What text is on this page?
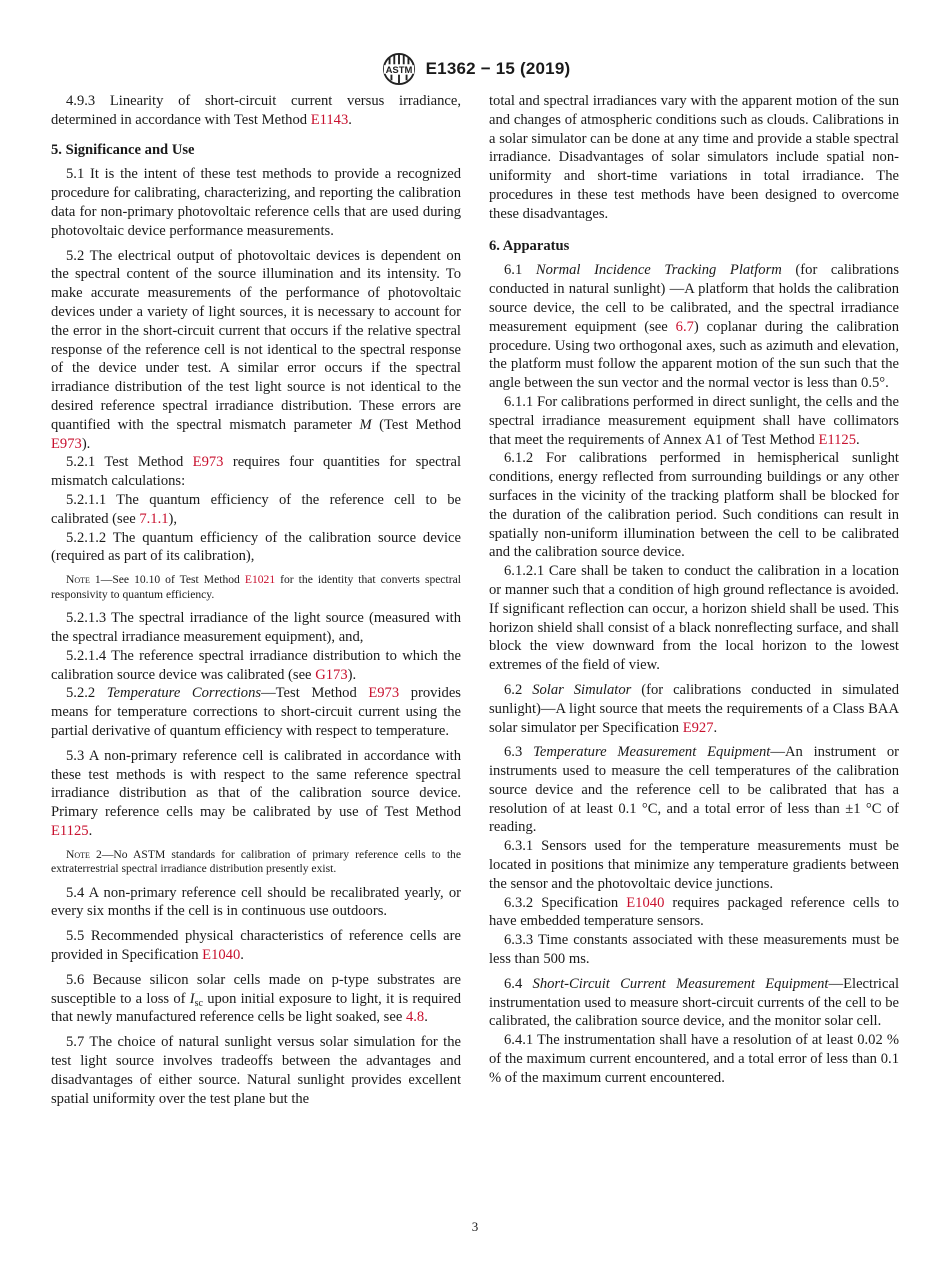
ASTM E1362 − 15 (2019)

4.9.3 Linearity of short-circuit current versus irradiance, determined in accordance with Test Method E1143.

5. Significance and Use

5.1 It is the intent of these test methods to provide a recognized procedure for calibrating, characterizing, and reporting the calibration data for non-primary photovoltaic reference cells that are used during photovoltaic device performance measurements.

5.2 The electrical output of photovoltaic devices is dependent on the spectral content of the source illumination and its intensity. To make accurate measurements of the performance of photovoltaic devices under a variety of light sources, it is necessary to account for the error in the short-circuit current that occurs if the relative spectral response of the reference cell is not identical to the spectral response of the device under test. A similar error occurs if the spectral irradiance distribution of the test light source is not identical to the desired reference spectral irradiance distribution. These errors are quantified with the spectral mismatch parameter M (Test Method E973).

5.2.1 Test Method E973 requires four quantities for spectral mismatch calculations:

5.2.1.1 The quantum efficiency of the reference cell to be calibrated (see 7.1.1),

5.2.1.2 The quantum efficiency of the calibration source device (required as part of its calibration),

Note 1—See 10.10 of Test Method E1021 for the identity that converts spectral responsivity to quantum efficiency.

5.2.1.3 The spectral irradiance of the light source (measured with the spectral irradiance measurement equipment), and,

5.2.1.4 The reference spectral irradiance distribution to which the calibration source device was calibrated (see G173).

5.2.2 Temperature Corrections—Test Method E973 provides means for temperature corrections to short-circuit current using the partial derivative of quantum efficiency with respect to temperature.

5.3 A non-primary reference cell is calibrated in accordance with these test methods is with respect to the same reference spectral irradiance distribution as that of the calibration source device. Primary reference cells may be calibrated by use of Test Method E1125.

Note 2—No ASTM standards for calibration of primary reference cells to the extraterrestrial spectral irradiance distribution presently exist.

5.4 A non-primary reference cell should be recalibrated yearly, or every six months if the cell is in continuous use outdoors.

5.5 Recommended physical characteristics of reference cells are provided in Specification E1040.

5.6 Because silicon solar cells made on p-type substrates are susceptible to a loss of $I_{sc}$ upon initial exposure to light, it is required that newly manufactured reference cells be light soaked, see 4.8.

5.7 The choice of natural sunlight versus solar simulation for the test light source involves tradeoffs between the advantages and disadvantages of either source. Natural sunlight provides excellent spatial uniformity over the test plane but the

total and spectral irradiances vary with the apparent motion of the sun and changes of atmospheric conditions such as clouds. Calibrations in a solar simulator can be done at any time and provide a stable spectral irradiance. Disadvantages of solar simulators include spatial non-uniformity and short-time variations in total irradiance. The procedures in these test methods have been designed to overcome these disadvantages.

6. Apparatus

6.1 Normal Incidence Tracking Platform (for calibrations conducted in natural sunlight) —A platform that holds the calibration source device, the cell to be calibrated, and the spectral irradiance measurement equipment (see 6.7) coplanar during the calibration procedure. Using two orthogonal axes, such as azimuth and elevation, the platform must follow the apparent motion of the sun such that the angle between the sun vector and the normal vector is less than 0.5°.

6.1.1 For calibrations performed in direct sunlight, the cells and the spectral irradiance measurement equipment shall have collimators that meet the requirements of Annex A1 of Test Method E1125.

6.1.2 For calibrations performed in hemispherical sunlight conditions, energy reflected from surrounding buildings or any other surfaces in the vicinity of the tracking platform shall be blocked for the duration of the calibration period. Such conditions can result in spatially non-uniform illumination between the cell to be calibrated and the calibration source device.

6.1.2.1 Care shall be taken to conduct the calibration in a location or manner such that a condition of high ground reflectance is avoided. If significant reflection can occur, a horizon shield shall be used. This horizon shield shall consist of a black nonreflecting surface, and shall block the view downward from the local horizon to the lowest extremes of the field of view.

6.2 Solar Simulator (for calibrations conducted in simulated sunlight)—A light source that meets the requirements of a Class BAA solar simulator per Specification E927.

6.3 Temperature Measurement Equipment—An instrument or instruments used to measure the cell temperatures of the calibration source device and the reference cell to be calibrated that has a resolution of at least 0.1 °C, and a total error of less than ±1 °C of reading.

6.3.1 Sensors used for the temperature measurements must be located in positions that minimize any temperature gradients between the sensor and the photovoltaic device junctions.

6.3.2 Specification E1040 requires packaged reference cells to have embedded temperature sensors.

6.3.3 Time constants associated with these measurements must be less than 500 ms.

6.4 Short-Circuit Current Measurement Equipment—Electrical instrumentation used to measure short-circuit currents of the cell to be calibrated, the calibration source device, and the monitor solar cell.

6.4.1 The instrumentation shall have a resolution of at least 0.02 % of the maximum current encountered, and a total error of less than 0.1 % of the maximum current encountered.

3
